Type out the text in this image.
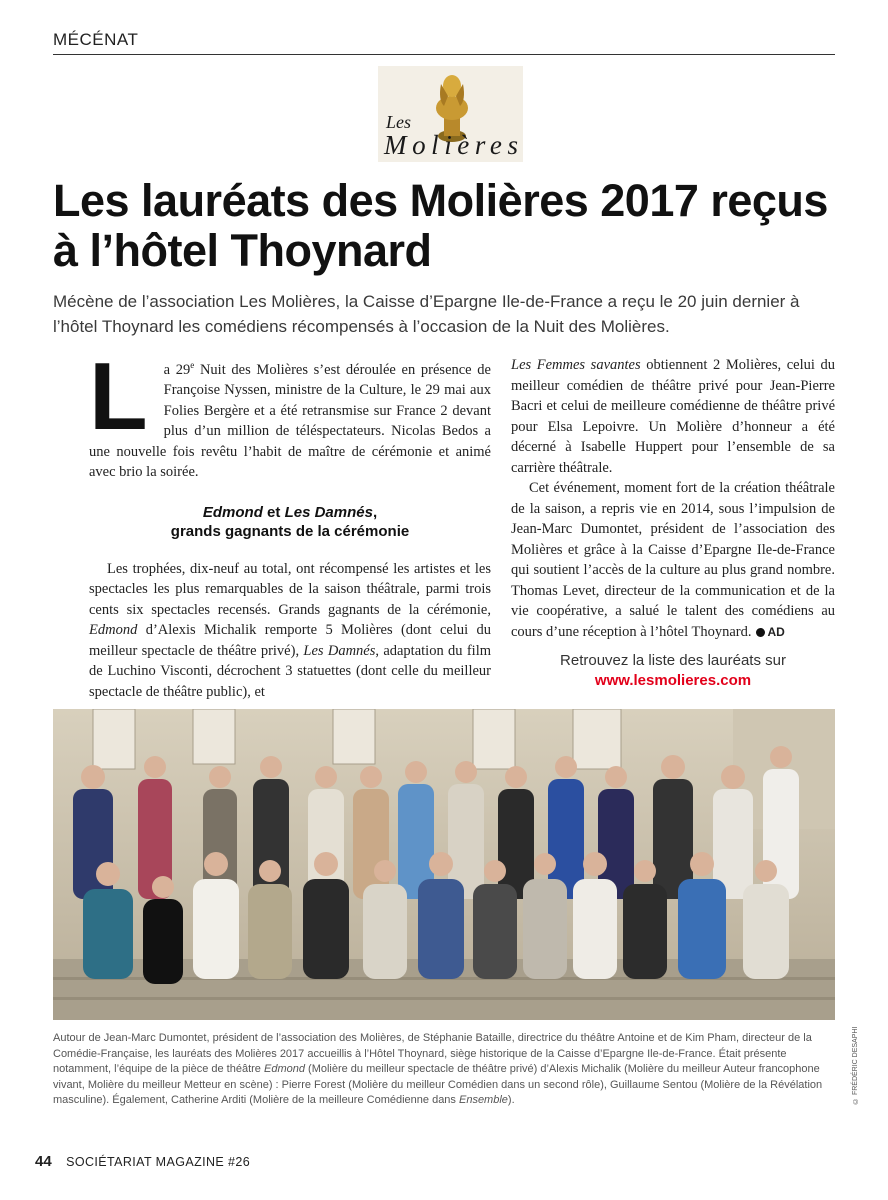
MÉCÉNAT
Les
Molières
Les lauréats des Molières 2017 reçus à l’hôtel Thoynard

Mécène de l’association Les Molières, la Caisse d’Epargne Ile-de-France a reçu le 20 juin dernier à l’hôtel Thoynard les comédiens récompensés à l’occasion de la Nuit des Molières.

L a 29e Nuit des Molières s’est déroulée en présence de Françoise Nyssen, ministre de la Culture, le 29 mai aux Folies Bergère et a été retransmise sur France 2 devant plus d’un million de téléspectateurs. Nicolas Bedos a une nouvelle fois revêtu l’habit de maître de cérémonie et animé avec brio la soirée.

Edmond et Les Damnés,
grands gagnants de la cérémonie

Les trophées, dix-neuf au total, ont récompensé les artistes et les spectacles les plus remarquables de la saison théâtrale, parmi trois cents six spectacles recensés. Grands gagnants de la cérémonie, Edmond d’Alexis Michalik remporte 5 Molières (dont celui du meilleur spectacle de théâtre privé), Les Damnés, adaptation du film de Luchino Visconti, décrochent 3 statuettes (dont celle du meilleur spectacle de théâtre public), et

Les Femmes savantes obtiennent 2 Molières, celui du meilleur comédien de théâtre privé pour Jean-Pierre Bacri et celui de meilleure comédienne de théâtre privé pour Elsa Lepoivre. Un Molière d’honneur a été décerné à Isabelle Huppert pour l’ensemble de sa carrière théâtrale.

Cet événement, moment fort de la création théâtrale de la saison, a repris vie en 2014, sous l’impulsion de Jean-Marc Dumontet, président de l’association des Molières et grâce à la Caisse d’Epargne Ile-de-France qui soutient l’accès de la culture au plus grand nombre. Thomas Levet, directeur de la communication et de la vie coopérative, a salué le talent des comédiens au cours d’une réception à l’hôtel Thoynard. AD

Retrouvez la liste des lauréats sur
www.lesmolieres.com

Autour de Jean-Marc Dumontet, président de l’association des Molières, de Stéphanie Bataille, directrice du théâtre Antoine et de Kim Pham, directeur de la Comédie-Française, les lauréats des Molières 2017 accueillis à l’Hôtel Thoynard, siège historique de la Caisse d’Epargne Ile-de-France. Était présente notamment, l’équipe de la pièce de théâtre Edmond (Molière du meilleur spectacle de théâtre privé) d’Alexis Michalik (Molière du meilleur Auteur francophone vivant, Molière du meilleur Metteur en scène) : Pierre Forest (Molière du meilleur Comédien dans un second rôle), Guillaume Sentou (Molière de la Révélation masculine). Également, Catherine Arditi (Molière de la meilleure Comédienne dans Ensemble).	© FRÉDÉRIC DESAPHI
44 SOCIÉTARIAT MAGAZINE #26
